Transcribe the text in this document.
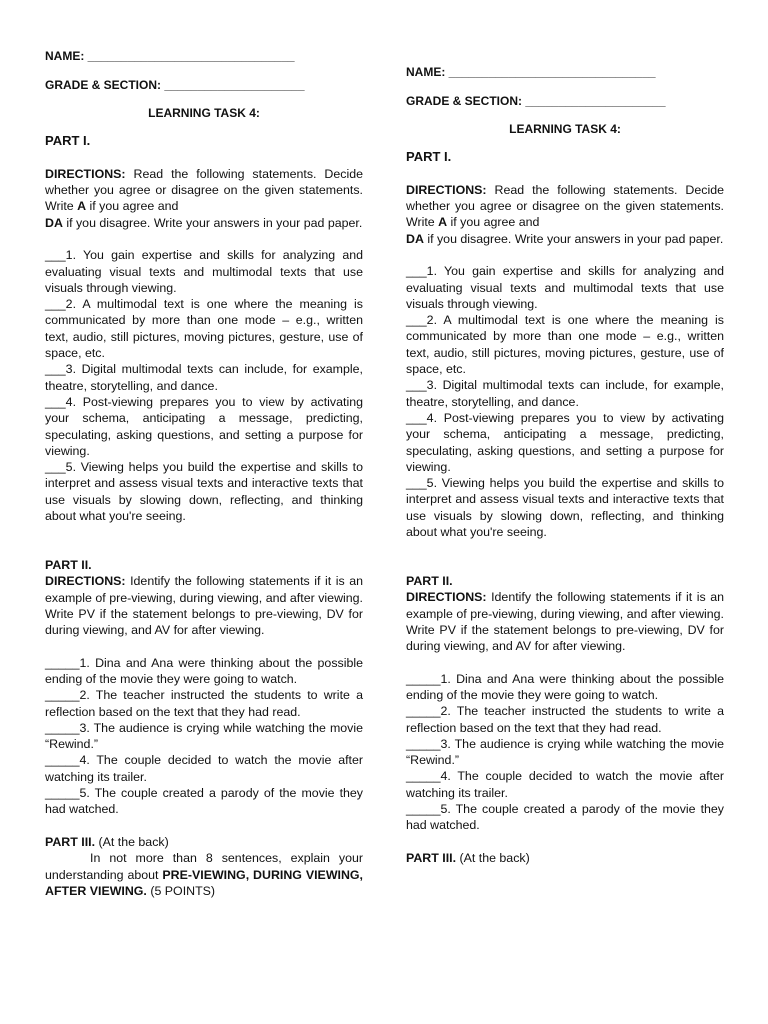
NAME: _______________________________
GRADE & SECTION: _____________________
LEARNING TASK 4:
PART I.

DIRECTIONS: Read the following statements. Decide whether you agree or disagree on the given statements. Write A if you agree and
DA if you disagree. Write your answers in your pad paper.

___1. You gain expertise and skills for analyzing and evaluating visual texts and multimodal texts that use visuals through viewing.

___2. A multimodal text is one where the meaning is communicated by more than one mode – e.g., written text, audio, still pictures, moving pictures, gesture, use of space, etc.

___3. Digital multimodal texts can include, for example, theatre, storytelling, and dance.

___4. Post-viewing prepares you to view by activating your schema, anticipating a message, predicting, speculating, asking questions, and setting a purpose for viewing.

___5. Viewing helps you build the expertise and skills to interpret and assess visual texts and interactive texts that use visuals by slowing down, reflecting, and thinking about what you're seeing.

PART II.

DIRECTIONS: Identify the following statements if it is an example of pre-viewing, during viewing, and after viewing. Write PV if the statement belongs to pre-viewing, DV for during viewing, and AV for after viewing.

_____1. Dina and Ana were thinking about the possible ending of the movie they were going to watch.

_____2. The teacher instructed the students to write a reflection based on the text that they had read.

_____3. The audience is crying while watching the movie “Rewind.”

_____4. The couple decided to watch the movie after watching its trailer.

_____5. The couple created a parody of the movie they had watched.

PART III. (At the back)

In not more than 8 sentences, explain your understanding about PRE-VIEWING, DURING VIEWING, AFTER VIEWING. (5 POINTS)

NAME: _______________________________
GRADE & SECTION: _____________________
LEARNING TASK 4:
PART I.

DIRECTIONS: Read the following statements. Decide whether you agree or disagree on the given statements. Write A if you agree and
DA if you disagree. Write your answers in your pad paper.

___1. You gain expertise and skills for analyzing and evaluating visual texts and multimodal texts that use visuals through viewing.

___2. A multimodal text is one where the meaning is communicated by more than one mode – e.g., written text, audio, still pictures, moving pictures, gesture, use of space, etc.

___3. Digital multimodal texts can include, for example, theatre, storytelling, and dance.

___4. Post-viewing prepares you to view by activating your schema, anticipating a message, predicting, speculating, asking questions, and setting a purpose for viewing.

___5. Viewing helps you build the expertise and skills to interpret and assess visual texts and interactive texts that use visuals by slowing down, reflecting, and thinking about what you're seeing.

PART II.

DIRECTIONS: Identify the following statements if it is an example of pre-viewing, during viewing, and after viewing. Write PV if the statement belongs to pre-viewing, DV for during viewing, and AV for after viewing.

_____1. Dina and Ana were thinking about the possible ending of the movie they were going to watch.

_____2. The teacher instructed the students to write a reflection based on the text that they had read.

_____3. The audience is crying while watching the movie “Rewind.”

_____4. The couple decided to watch the movie after watching its trailer.

_____5. The couple created a parody of the movie they had watched.

PART III. (At the back)
